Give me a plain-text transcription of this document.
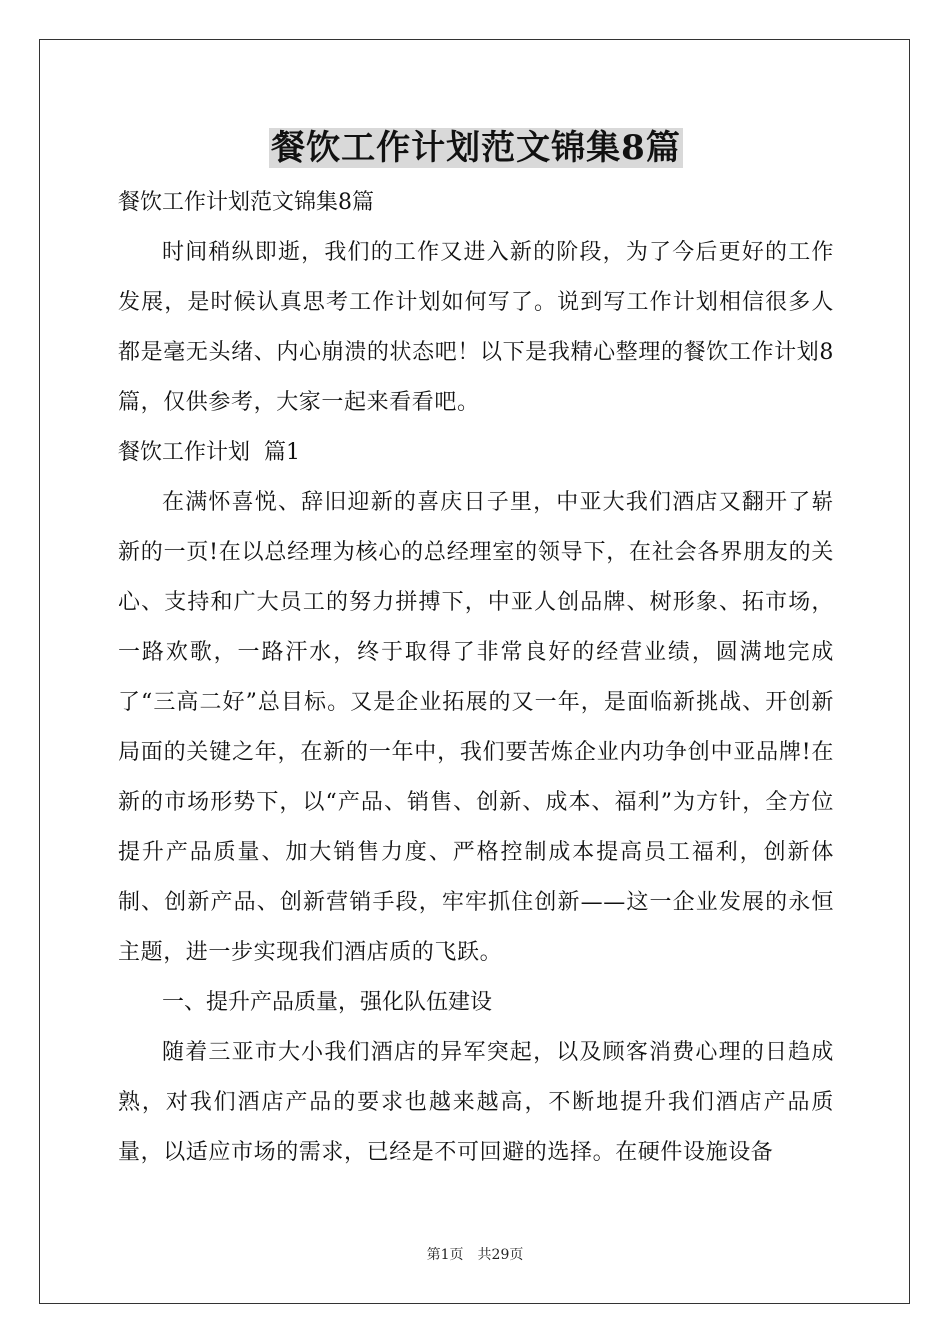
餐饮工作计划范文锦集8篇

餐饮工作计划范文锦集8篇

时间稍纵即逝，我们的工作又进入新的阶段，为了今后更好的工作发展，是时候认真思考工作计划如何写了。说到写工作计划相信很多人都是毫无头绪、内心崩溃的状态吧！以下是我精心整理的餐饮工作计划8篇，仅供参考，大家一起来看看吧。

餐饮工作计划  篇1

在满怀喜悦、辞旧迎新的喜庆日子里，中亚大我们酒店又翻开了崭新的一页!在以总经理为核心的总经理室的领导下，在社会各界朋友的关心、支持和广大员工的努力拼搏下，中亚人创品牌、树形象、拓市场，一路欢歌，一路汗水，终于取得了非常良好的经营业绩，圆满地完成了“三高二好”总目标。又是企业拓展的又一年，是面临新挑战、开创新局面的关键之年，在新的一年中，我们要苦炼企业内功争创中亚品牌!在新的市场形势下，以“产品、销售、创新、成本、福利”为方针，全方位提升产品质量、加大销售力度、严格控制成本提高员工福利，创新体制、创新产品、创新营销手段，牢牢抓住创新——这一企业发展的永恒主题，进一步实现我们酒店质的飞跃。

一、提升产品质量，强化队伍建设

随着三亚市大小我们酒店的异军突起，以及顾客消费心理的日趋成熟，对我们酒店产品的要求也越来越高，不断地提升我们酒店产品质量，以适应市场的需求，已经是不可回避的选择。在硬件设施设备

第1页 共29页
